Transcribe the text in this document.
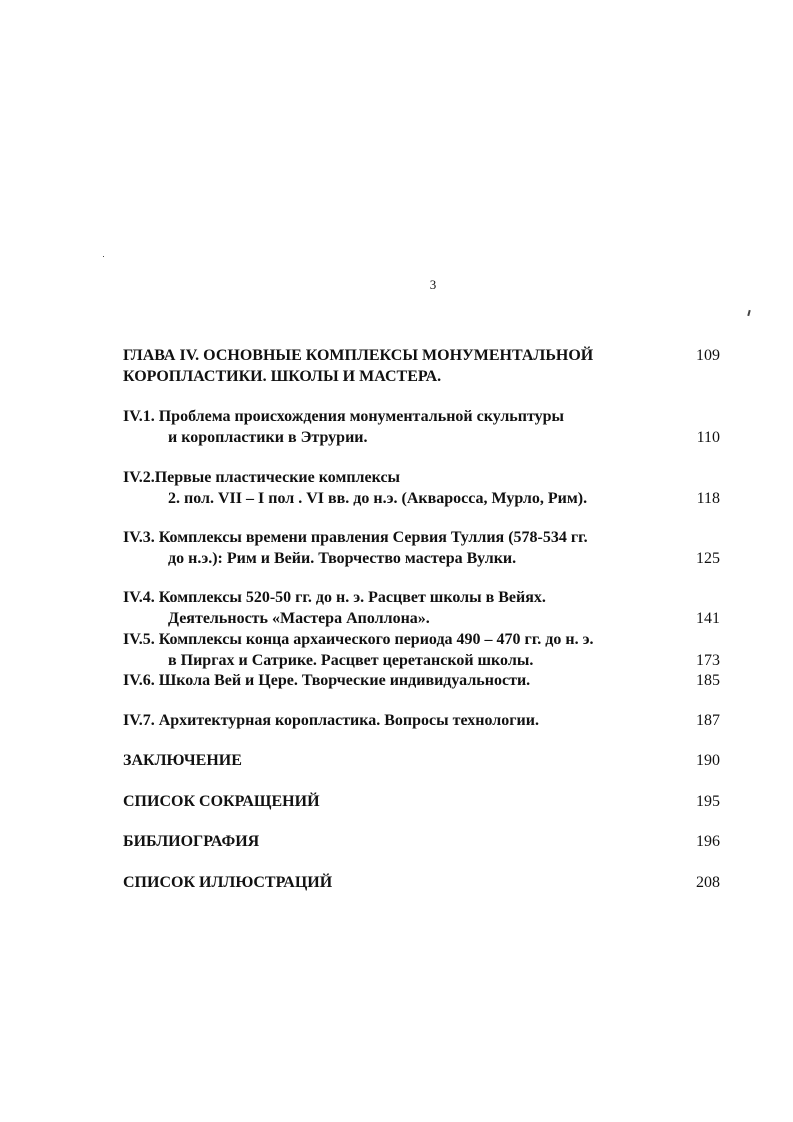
3
ГЛАВА IV. ОСНОВНЫЕ КОМПЛЕКСЫ МОНУМЕНТАЛЬНОЙ
КОРОПЛАСТИКИ. ШКОЛЫ И МАСТЕРА.
109
IV.1. Проблема происхождения монументальной скульптуры
и коропластики в Этрурии.	110
IV.2.Первые пластические комплексы
2. пол. VII – I пол . VI вв. до н.э. (Акваросса, Мурло, Рим).	118
IV.3. Комплексы времени правления Сервия Туллия (578-534 гг.
до н.э.): Рим и Вейи. Творчество мастера Вулки.	125
IV.4. Комплексы 520-50 гг. до н. э. Расцвет школы в Вейях.
Деятельность «Мастера Аполлона».	141
IV.5. Комплексы конца архаического периода 490 – 470 гг. до н. э.
в Пиргах и Сатрике. Расцвет церетанской школы.	173
IV.6. Школа Вей и Цере. Творческие индивидуальности.	185
IV.7. Архитектурная коропластика. Вопросы технологии.	187
ЗАКЛЮЧЕНИЕ	190
СПИСОК СОКРАЩЕНИЙ	195
БИБЛИОГРАФИЯ	196
СПИСОК ИЛЛЮСТРАЦИЙ	208
